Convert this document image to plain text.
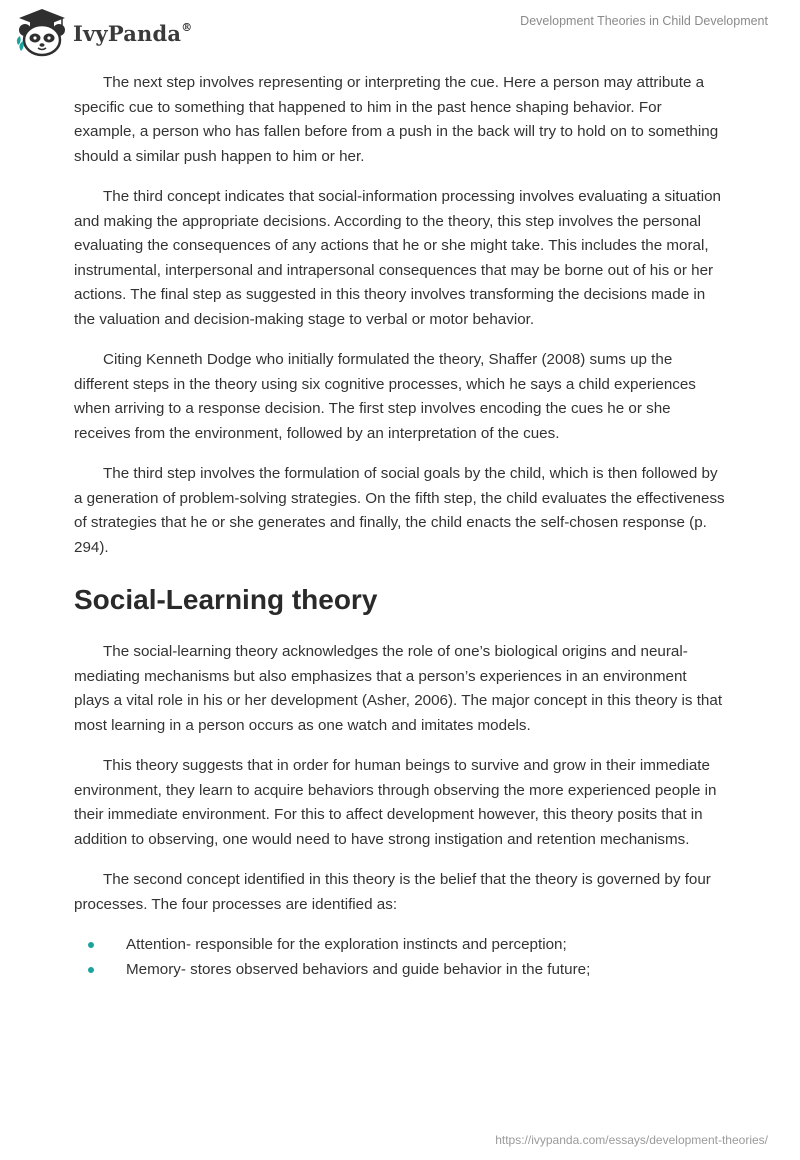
IvyPanda®	Development Theories in Child Development

The next step involves representing or interpreting the cue. Here a person may attribute a specific cue to something that happened to him in the past hence shaping behavior. For example, a person who has fallen before from a push in the back will try to hold on to something should a similar push happen to him or her.

The third concept indicates that social-information processing involves evaluating a situation and making the appropriate decisions. According to the theory, this step involves the personal evaluating the consequences of any actions that he or she might take. This includes the moral, instrumental, interpersonal and intrapersonal consequences that may be borne out of his or her actions. The final step as suggested in this theory involves transforming the decisions made in the valuation and decision-making stage to verbal or motor behavior.

Citing Kenneth Dodge who initially formulated the theory, Shaffer (2008) sums up the different steps in the theory using six cognitive processes, which he says a child experiences when arriving to a response decision. The first step involves encoding the cues he or she receives from the environment, followed by an interpretation of the cues.

The third step involves the formulation of social goals by the child, which is then followed by a generation of problem-solving strategies. On the fifth step, the child evaluates the effectiveness of strategies that he or she generates and finally, the child enacts the self-chosen response (p. 294).

Social-Learning theory

The social-learning theory acknowledges the role of one’s biological origins and neural-mediating mechanisms but also emphasizes that a person’s experiences in an environment plays a vital role in his or her development (Asher, 2006). The major concept in this theory is that most learning in a person occurs as one watch and imitates models.

This theory suggests that in order for human beings to survive and grow in their immediate environment, they learn to acquire behaviors through observing the more experienced people in their immediate environment. For this to affect development however, this theory posits that in addition to observing, one would need to have strong instigation and retention mechanisms.

The second concept identified in this theory is the belief that the theory is governed by four processes. The four processes are identified as:

Attention- responsible for the exploration instincts and perception;
Memory- stores observed behaviors and guide behavior in the future;
https://ivypanda.com/essays/development-theories/
